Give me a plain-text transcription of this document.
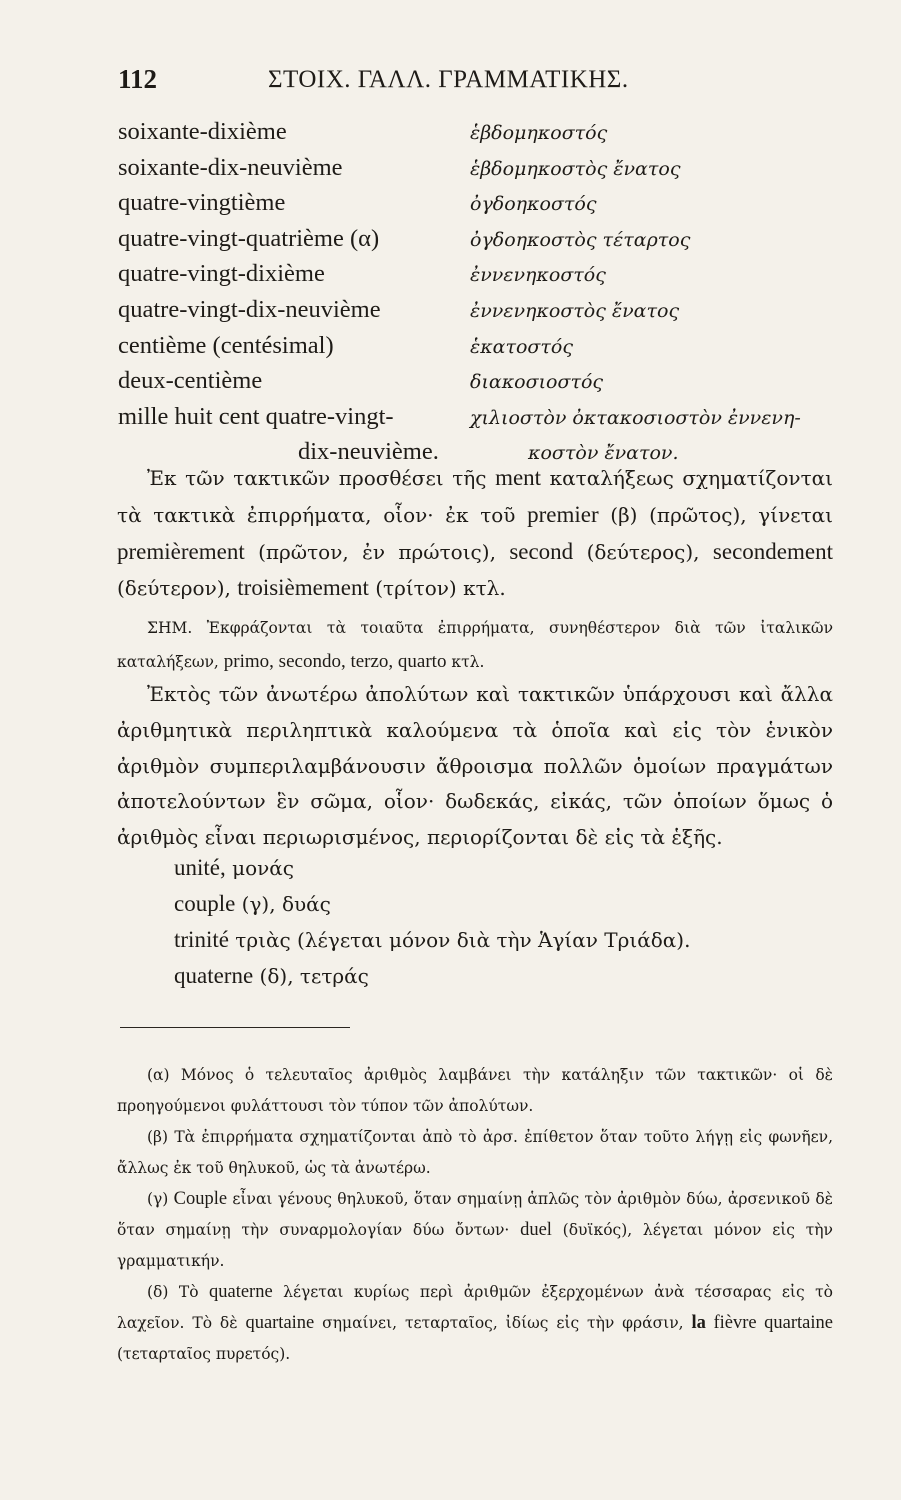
112	ΣΤΟΙΧ. ΓΑΛΛ. ΓΡΑΜΜΑΤΙΚΗΣ.
soixante-dixième	ἑβδομηκοστός
soixante-dix-neuvième	ἑβδομηκοστὸς ἔνατος
quatre-vingtième	ὀγδοηκοστός
quatre-vingt-quatrième (α)	ὀγδοηκοστὸς τέταρτος
quatre-vingt-dixième	ἐννενηκοστός
quatre-vingt-dix-neuvième	ἐννενηκοστὸς ἔνατος
centième (centésimal)	ἑκατοστός
deux-centième	διακοσιοστός
mille huit cent quatre-vingt-	χιλιοστὸν ὀκτακοσιοστὸν ἐννενη-
dix-neuvième.	κοστὸν ἔνατον.

Ἐκ τῶν τακτικῶν προσθέσει τῆς ment καταλήξεως σχηματίζονται τὰ τακτικὰ ἐπιρρήματα, οἷον· ἐκ τοῦ premier (β) (πρῶτος), γίνεται premièrement (πρῶτον, ἐν πρώτοις), second (δεύτερος), secondement (δεύτερον), troisièmement (τρίτον) κτλ.

ΣΗΜ. Ἐκφράζονται τὰ τοιαῦτα ἐπιρρήματα, συνηθέστερον διὰ τῶν ἰταλικῶν καταλήξεων, primo, secondo, terzo, quarto κτλ.

Ἐκτὸς τῶν ἀνωτέρω ἀπολύτων καὶ τακτικῶν ὑπάρχουσι καὶ ἄλλα ἀριθμητικὰ περιληπτικὰ καλούμενα τὰ ὁποῖα καὶ εἰς τὸν ἑνικὸν ἀριθμὸν συμπεριλαμβάνουσιν ἄθροισμα πολλῶν ὁμοίων πραγμάτων ἀποτελούντων ἓν σῶμα, οἷον· δωδεκάς, εἰκάς, τῶν ὁποίων ὅμως ὁ ἀριθμὸς εἶναι περιωρισμένος, περιορίζονται δὲ εἰς τὰ ἑξῆς.

unité, μονάς
couple (γ), δυάς
trinité τριὰς (λέγεται μόνον διὰ τὴν Ἁγίαν Τριάδα).
quaterne (δ), τετράς

(α) Μόνος ὁ τελευταῖος ἀριθμὸς λαμβάνει τὴν κατάληξιν τῶν τακτικῶν· οἱ δὲ προηγούμενοι φυλάττουσι τὸν τύπον τῶν ἀπολύτων.

(β) Τὰ ἐπιρρήματα σχηματίζονται ἀπὸ τὸ ἀρσ. ἐπίθετον ὅταν τοῦτο λήγῃ εἰς φωνῆεν, ἄλλως ἐκ τοῦ θηλυκοῦ, ὡς τὰ ἀνωτέρω.

(γ) Couple εἶναι γένους θηλυκοῦ, ὅταν σημαίνῃ ἁπλῶς τὸν ἀριθμὸν δύω, ἀρσενικοῦ δὲ ὅταν σημαίνῃ τὴν συναρμολογίαν δύω ὄντων· duel (δυϊκός), λέγεται μόνον εἰς τὴν γραμματικήν.

(δ) Τὸ quaterne λέγεται κυρίως περὶ ἀριθμῶν ἐξερχομένων ἀνὰ τέσσαρας εἰς τὸ λαχεῖον. Τὸ δὲ quartaine σημαίνει, τεταρταῖος, ἰδίως εἰς τὴν φράσιν, la fièvre quartaine (τεταρταῖος πυρετός).
